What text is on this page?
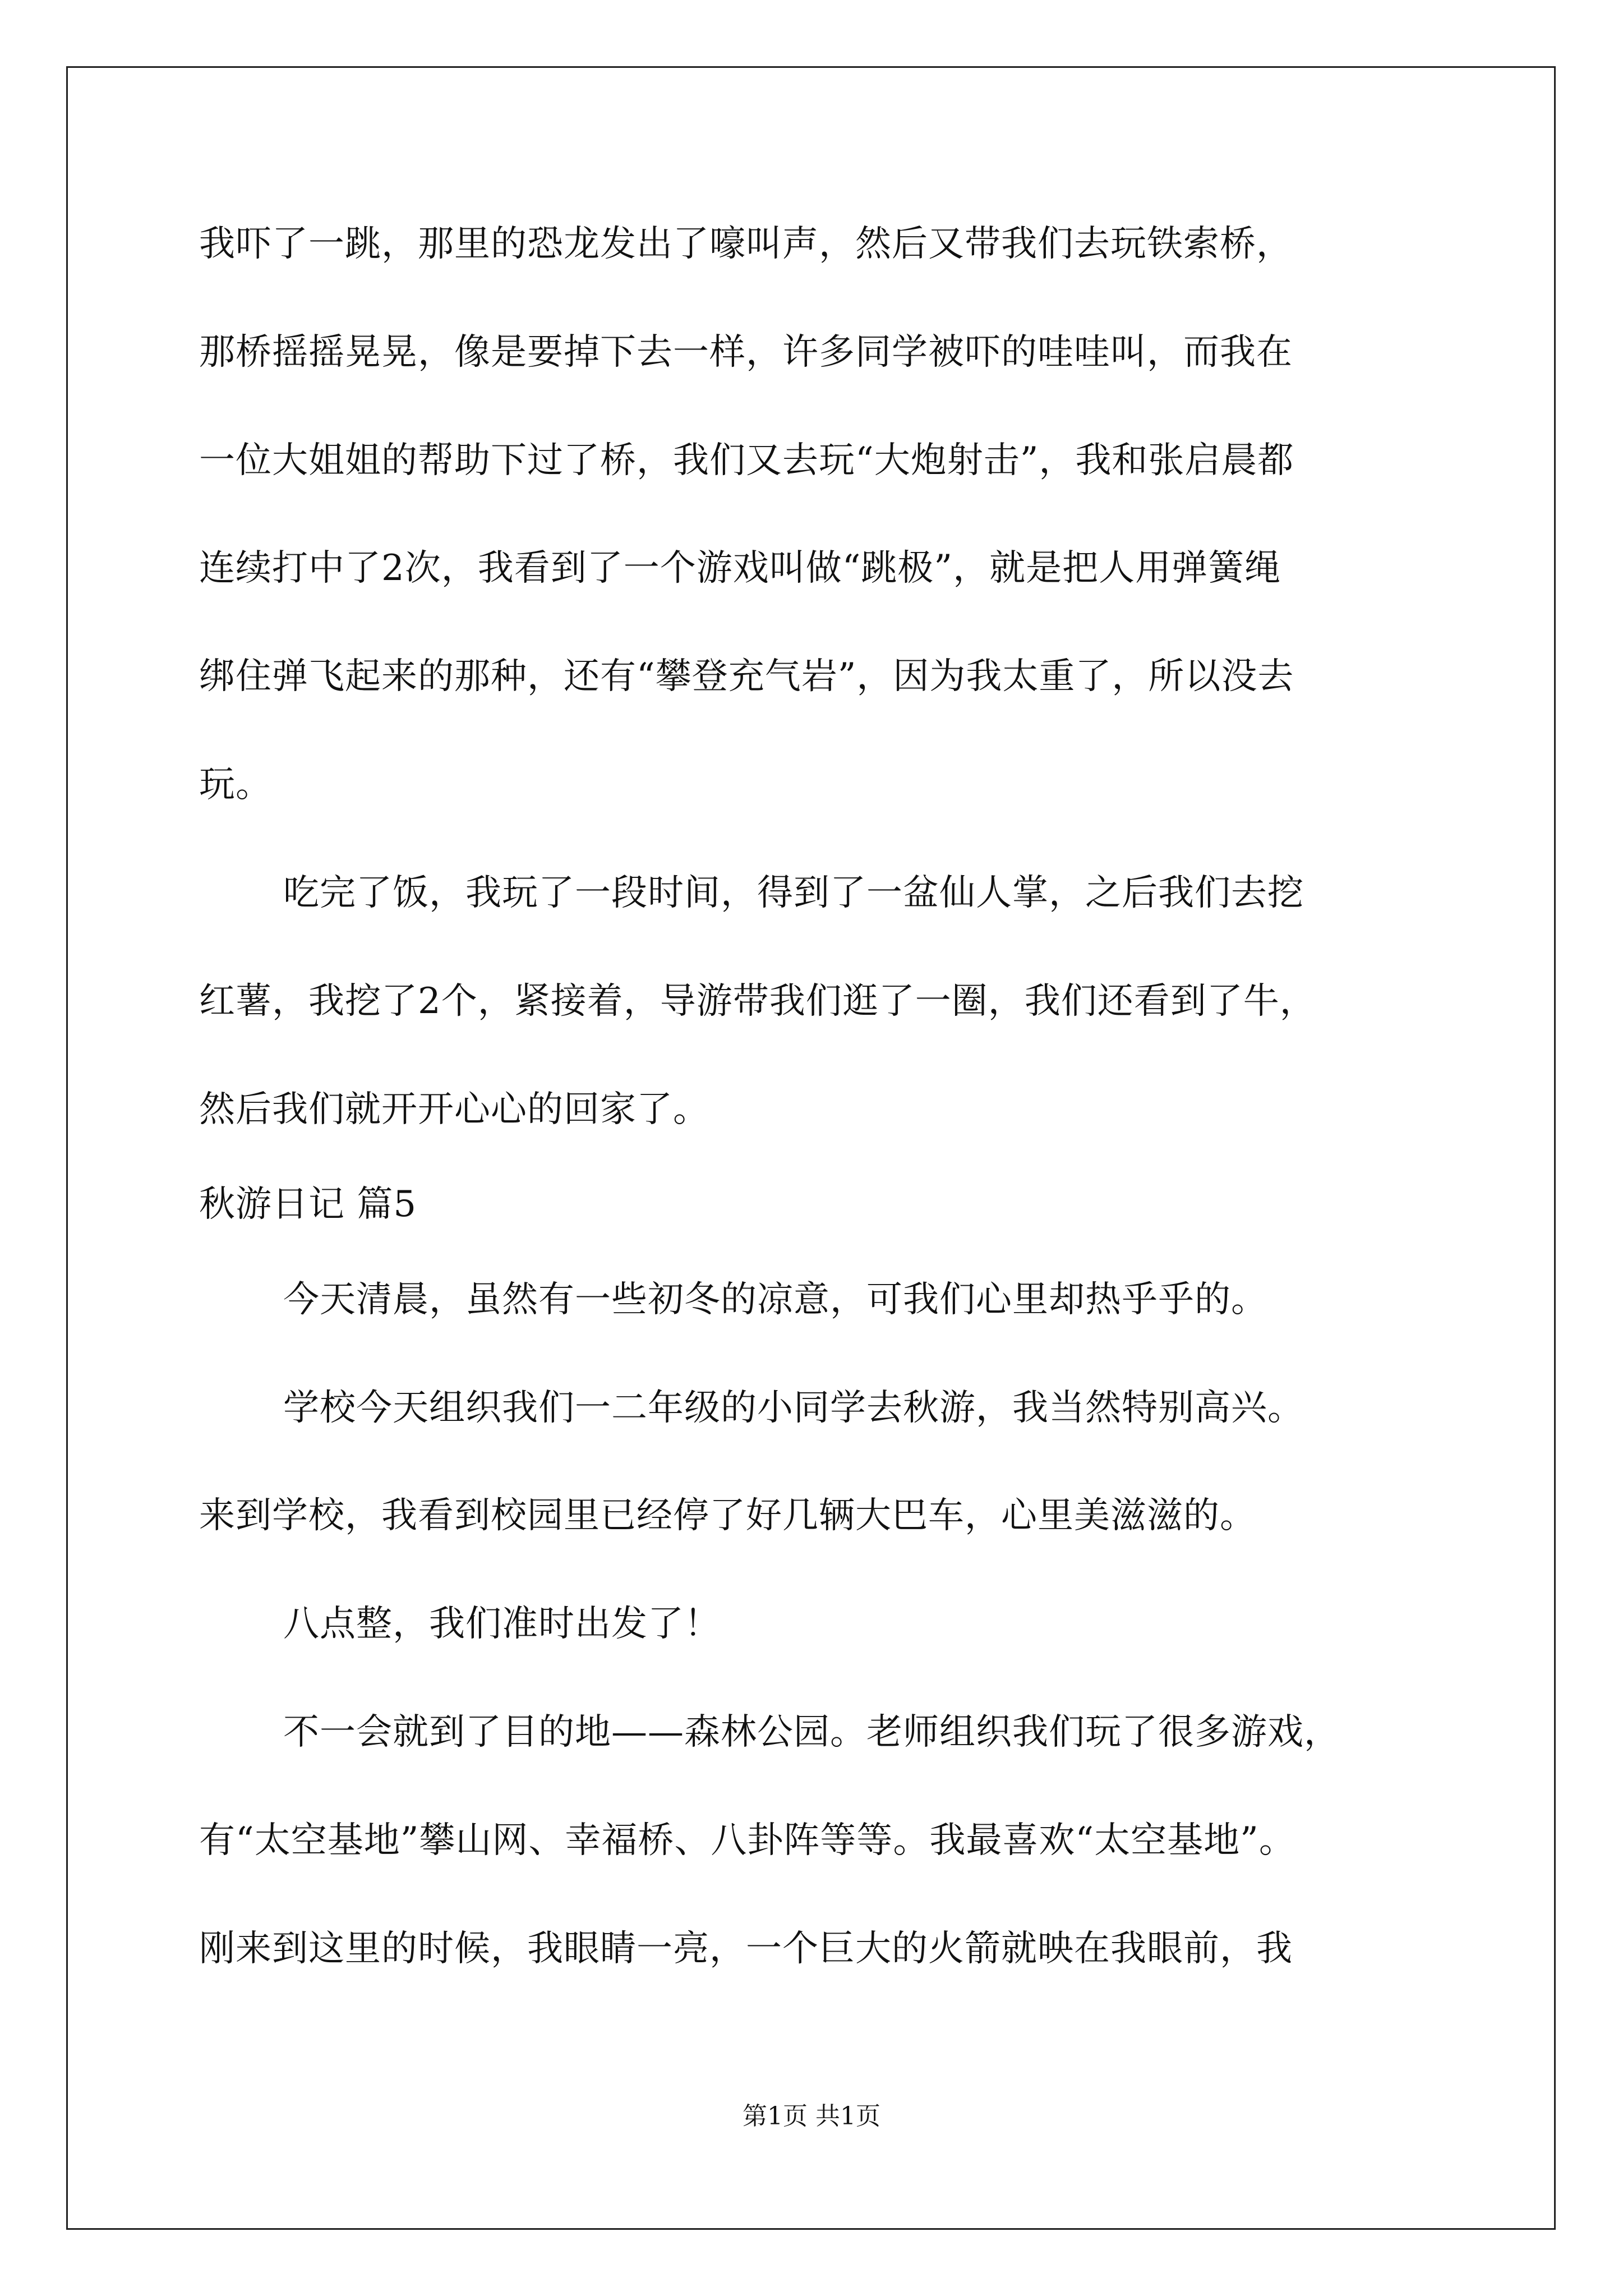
我吓了一跳，那里的恐龙发出了嚎叫声，然后又带我们去玩铁索桥，
那桥摇摇晃晃，像是要掉下去一样，许多同学被吓的哇哇叫，而我在
一位大姐姐的帮助下过了桥，我们又去玩“大炮射击”，我和张启晨都
连续打中了2次，我看到了一个游戏叫做“跳极”，就是把人用弹簧绳
绑住弹飞起来的那种，还有“攀登充气岩”，因为我太重了，所以没去
玩。
吃完了饭，我玩了一段时间，得到了一盆仙人掌，之后我们去挖
红薯，我挖了2个，紧接着，导游带我们逛了一圈，我们还看到了牛，
然后我们就开开心心的回家了。
秋游日记 篇5
今天清晨，虽然有一些初冬的凉意，可我们心里却热乎乎的。
学校今天组织我们一二年级的小同学去秋游，我当然特别高兴。
来到学校，我看到校园里已经停了好几辆大巴车，心里美滋滋的。
八点整，我们准时出发了！
不一会就到了目的地——森林公园。老师组织我们玩了很多游戏，
有“太空基地”攀山网、幸福桥、八卦阵等等。我最喜欢“太空基地”。
刚来到这里的时候，我眼睛一亮，一个巨大的火箭就映在我眼前，我
第1页 共1页
